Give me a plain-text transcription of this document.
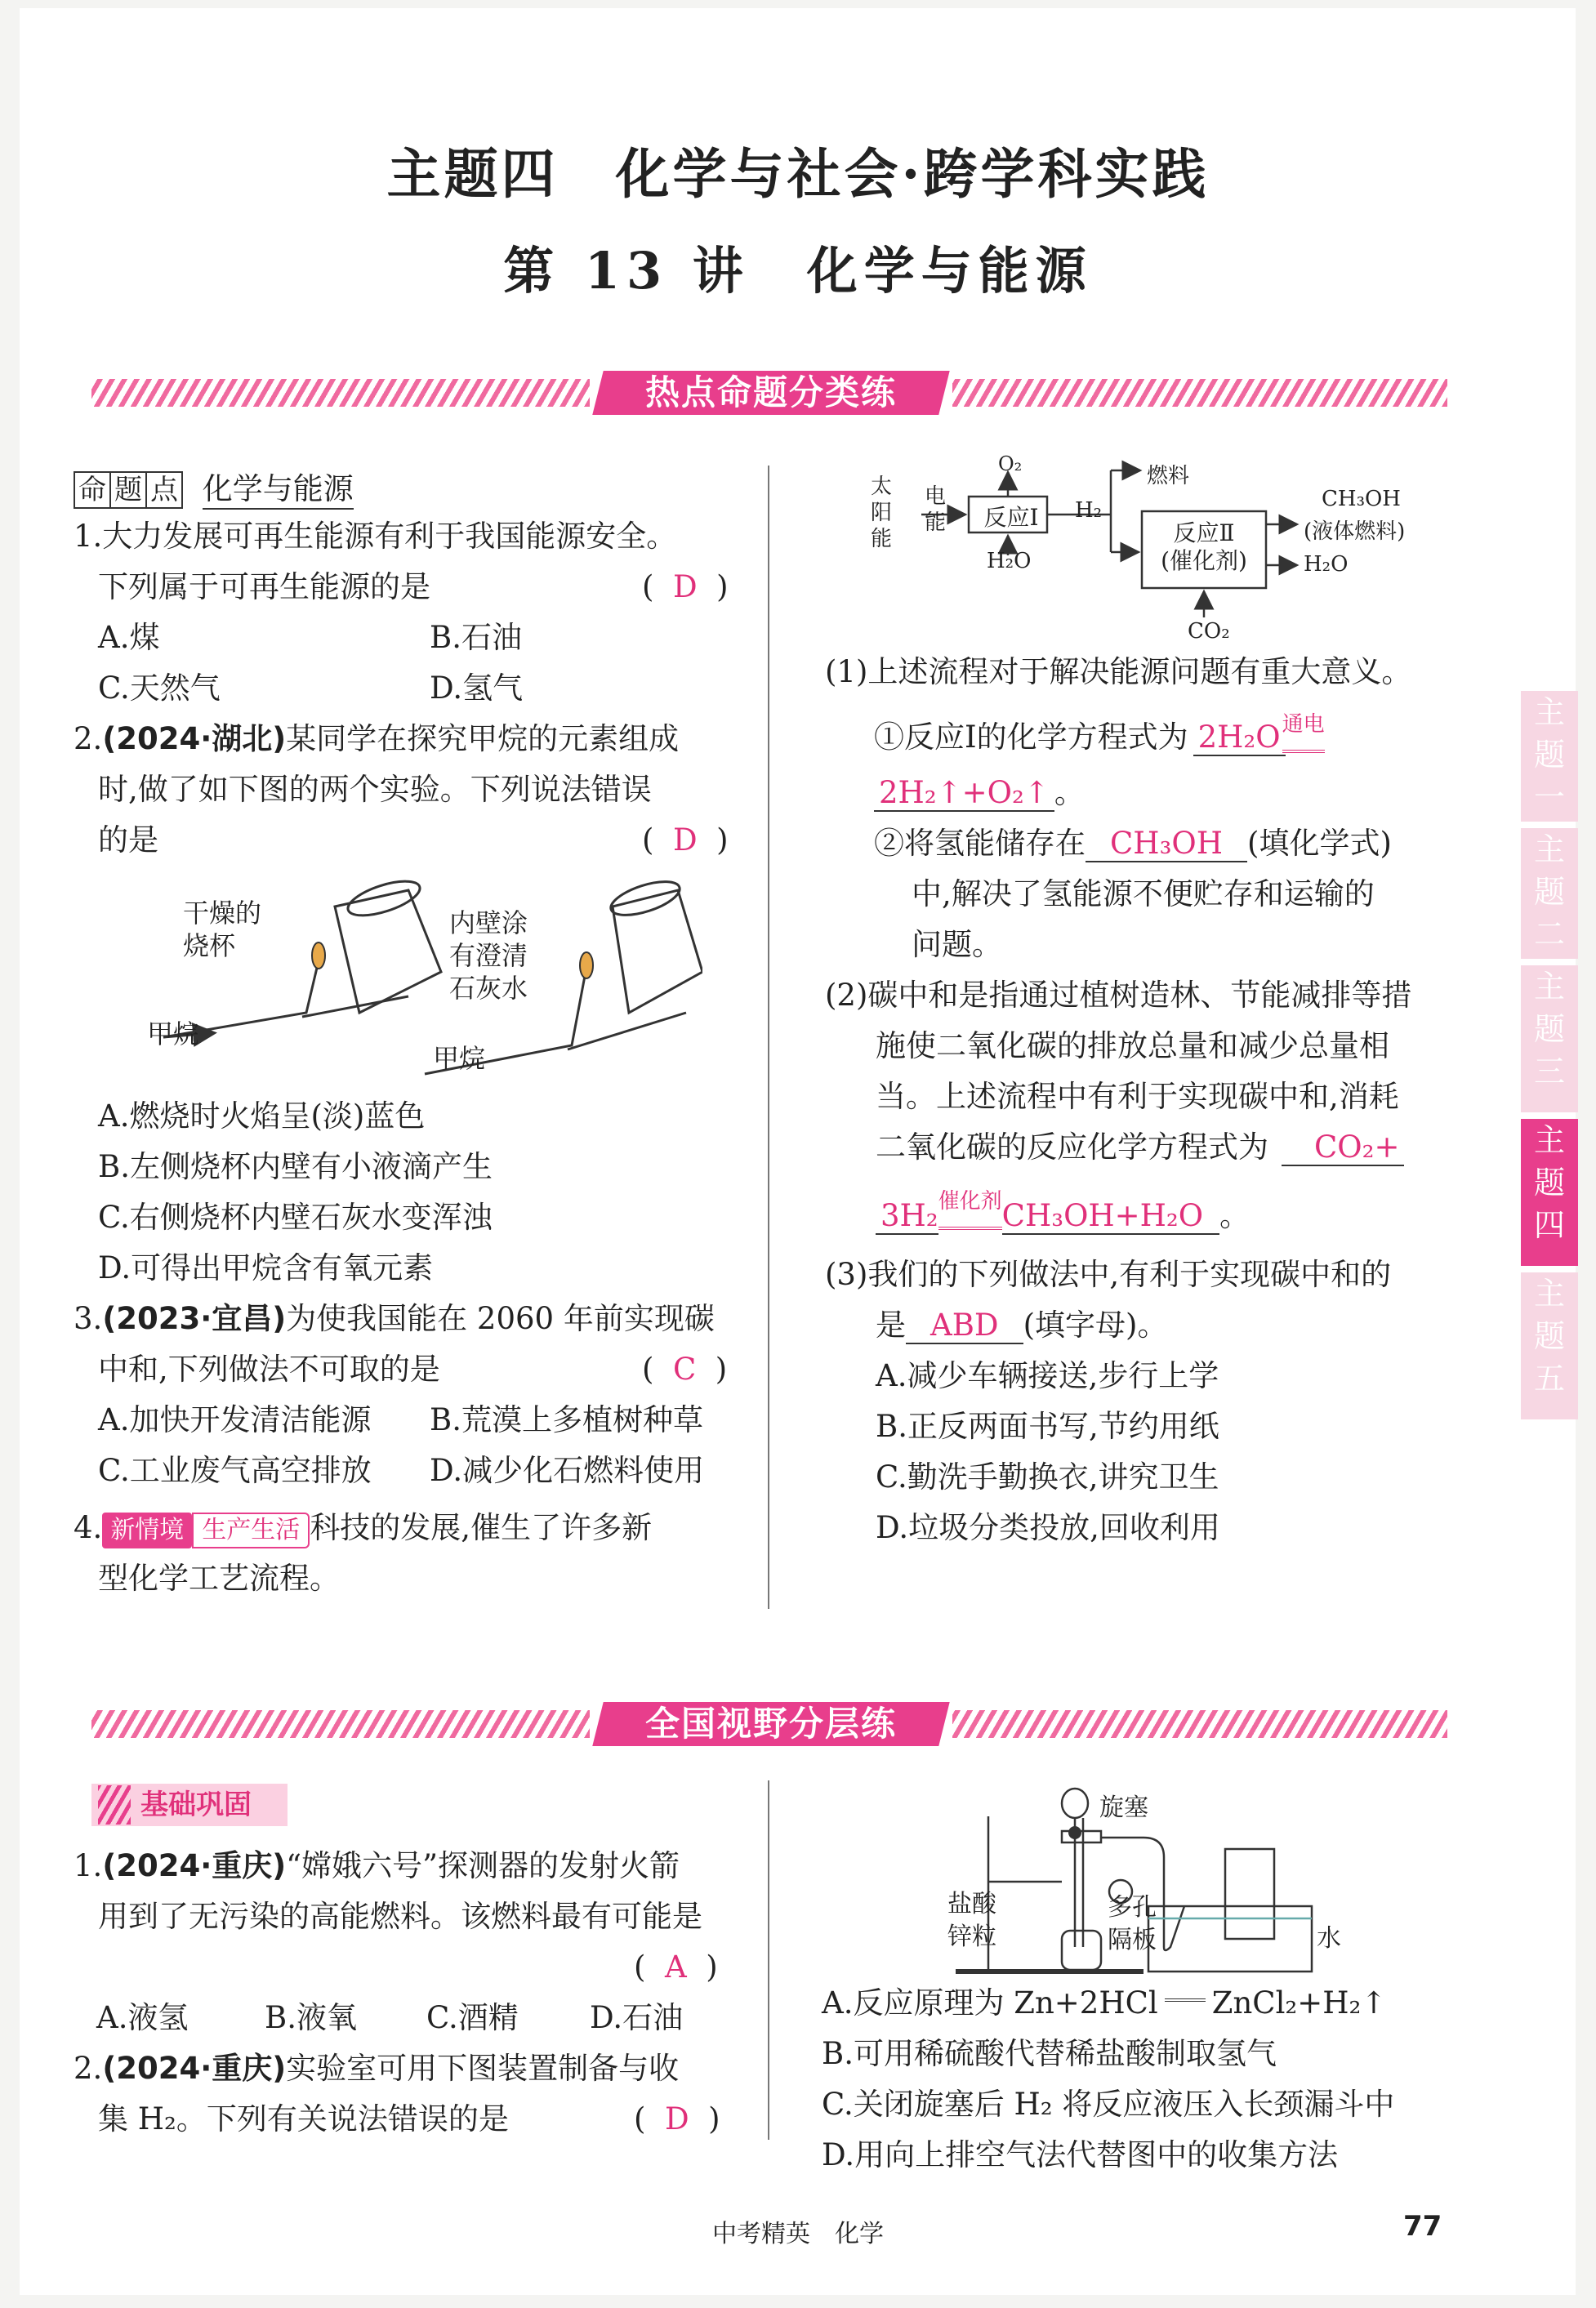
主题四　化学与社会·跨学科实践
第 13 讲　化学与能源
热点命题分类练
命 题 点 化学与能源
1.大力发展可再生能源有利于我国能源安全。
下列属于可再生能源的是	(  D  )
A.煤	B.石油
C.天然气	D.氢气
2.(2024·湖北)某同学在探究甲烷的元素组成
时,做了如下图的两个实验。下列说法错误
的是	(  D  )
干燥的
烧杯
内壁涂
有澄清
石灰水
甲烷
甲烷
A.燃烧时火焰呈(淡)蓝色
B.左侧烧杯内壁有小液滴产生
C.右侧烧杯内壁石灰水变浑浊
D.可得出甲烷含有氧元素
3.(2023·宜昌)为使我国能在 2060 年前实现碳
中和,下列做法不可取的是	(  C  )
A.加快开发清洁能源 B.荒漠上多植树种草
C.工业废气高空排放 D.减少化石燃料使用
4. 新情境 生产生活 科技的发展,催生了许多新
型化学工艺流程。
太阳能
电能	反应Ⅰ
O₂
H₂O
H₂
燃料
反应Ⅱ
(催化剂)
CO₂
CH₃OH
(液体燃料)
H₂O
(1)上述流程对于解决能源问题有重大意义。
①反应Ⅰ的化学方程式为 2H₂O通电
2H₂↑+O₂↑ 。
②将氢能储存在 CH₃OH (填化学式)
中,解决了氢能源不便贮存和运输的
问题。
(2)碳中和是指通过植树造林、节能减排等措
施使二氧化碳的排放总量和减少总量相
当。上述流程中有利于实现碳中和,消耗
二氧化碳的反应化学方程式为 CO₂+
3H₂催化剂CH₃OH+H₂O 。
(3)我们的下列做法中,有利于实现碳中和的
是 ABD (填字母)。
A.减少车辆接送,步行上学
B.正反两面书写,节约用纸
C.勤洗手勤换衣,讲究卫生
D.垃圾分类投放,回收利用
主题一
主题二
主题三
主题四
主题五
全国视野分层练
基础巩固
1.(2024·重庆)“嫦娥六号”探测器的发射火箭
用到了无污染的高能燃料。该燃料最有可能是
(  A  )
A.液氢	B.液氧 C.酒精 D.石油
2.(2024·重庆)实验室可用下图装置制备与收
集 H₂。下列有关说法错误的是	(  D  )
旋塞
盐酸
锌粒
多孔
隔板	水
A.反应原理为 Zn+2HCl ZnCl₂+H₂↑
B.可用稀硫酸代替稀盐酸制取氢气
C.关闭旋塞后 H₂ 将反应液压入长颈漏斗中
D.用向上排空气法代替图中的收集方法
中考精英　化学	77
